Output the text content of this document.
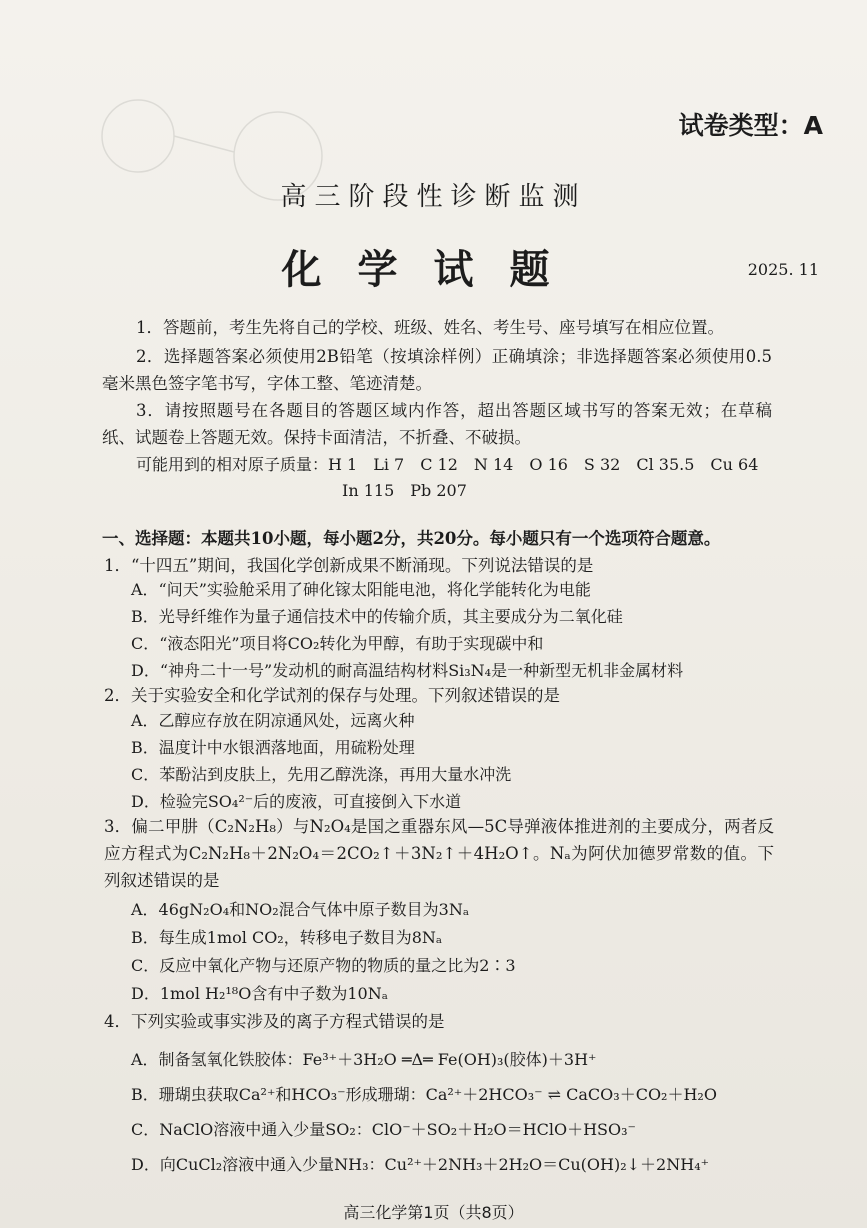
试卷类型：A
高三阶段性诊断监测
化学试题	2025. 11
1．答题前，考生先将自己的学校、班级、姓名、考生号、座号填写在相应位置。
2．选择题答案必须使用2B铅笔（按填涂样例）正确填涂；非选择题答案必须使用0.5毫米黑色签字笔书写，字体工整、笔迹清楚。
3．请按照题号在各题目的答题区域内作答，超出答题区域书写的答案无效；在草稿纸、试题卷上答题无效。保持卡面清洁，不折叠、不破损。
可能用到的相对原子质量：H 1　Li 7　C 12　N 14　O 16　S 32　Cl 35.5　Cu 64
In 115　Pb 207
一、选择题：本题共10小题，每小题2分，共20分。每小题只有一个选项符合题意。
1．“十四五”期间，我国化学创新成果不断涌现。下列说法错误的是
A．“问天”实验舱采用了砷化镓太阳能电池，将化学能转化为电能
B．光导纤维作为量子通信技术中的传输介质，其主要成分为二氧化硅
C．“液态阳光”项目将CO₂转化为甲醇，有助于实现碳中和
D．“神舟二十一号”发动机的耐高温结构材料Si₃N₄是一种新型无机非金属材料
2．关于实验安全和化学试剂的保存与处理。下列叙述错误的是
A．乙醇应存放在阴凉通风处，远离火种
B．温度计中水银洒落地面，用硫粉处理
C．苯酚沾到皮肤上，先用乙醇洗涤，再用大量水冲洗
D．检验完SO₄²⁻后的废液，可直接倒入下水道
3．偏二甲肼（C₂N₂H₈）与N₂O₄是国之重器东风—5C导弹液体推进剂的主要成分，两者反应方程式为C₂N₂H₈＋2N₂O₄＝2CO₂↑＋3N₂↑＋4H₂O↑。Nₐ为阿伏加德罗常数的值。下列叙述错误的是
A．46gN₂O₄和NO₂混合气体中原子数目为3Nₐ
B．每生成1mol CO₂，转移电子数目为8Nₐ
C．反应中氧化产物与还原产物的物质的量之比为2∶3
D．1mol H₂¹⁸O含有中子数为10Nₐ
4．下列实验或事实涉及的离子方程式错误的是
A．制备氢氧化铁胶体：Fe³⁺＋3H₂O ═Δ═ Fe(OH)₃(胶体)＋3H⁺
B．珊瑚虫获取Ca²⁺和HCO₃⁻形成珊瑚：Ca²⁺＋2HCO₃⁻ ⇌ CaCO₃＋CO₂＋H₂O
C．NaClO溶液中通入少量SO₂：ClO⁻＋SO₂＋H₂O＝HClO＋HSO₃⁻
D．向CuCl₂溶液中通入少量NH₃：Cu²⁺＋2NH₃＋2H₂O＝Cu(OH)₂↓＋2NH₄⁺
高三化学第1页（共8页）
